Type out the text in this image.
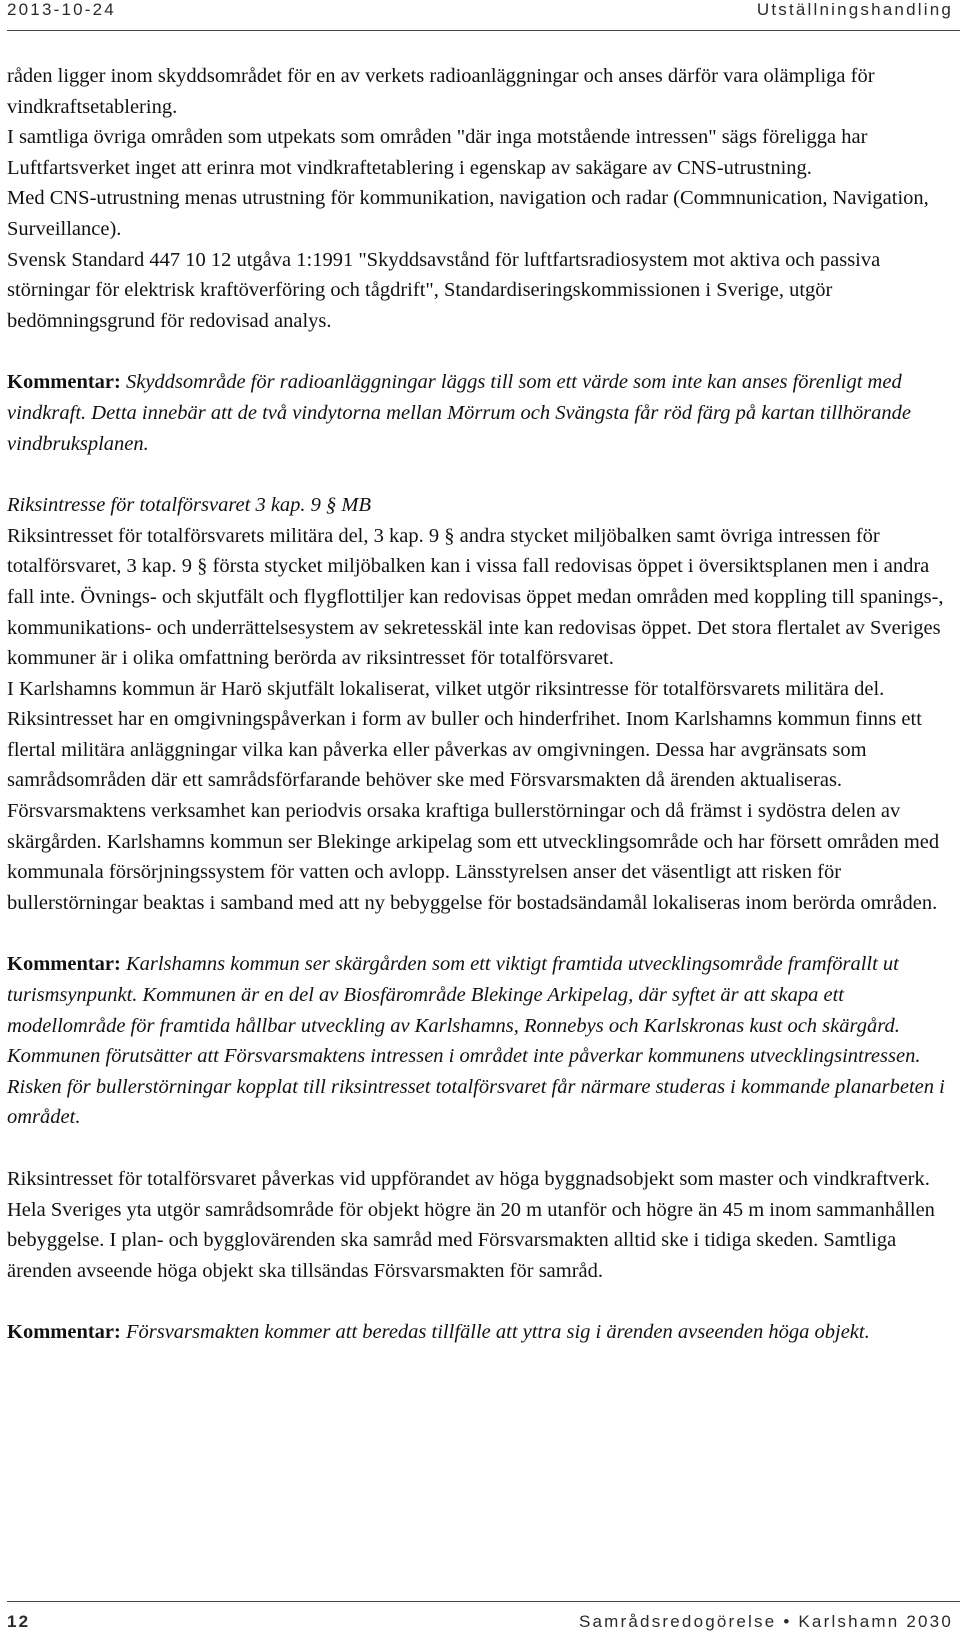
2013-10-24	Utställningshandling

råden ligger inom skyddsområdet för en av verkets radioanläggningar och anses därför vara olämpliga för vindkraftsetablering.

I samtliga övriga områden som utpekats som områden "där inga motstående intressen" sägs föreligga har Luftfartsverket inget att erinra mot vindkraftetablering i egenskap av sakägare av CNS-utrustning.

Med CNS-utrustning menas utrustning för kommunikation, navigation och radar (Commnunication, Navigation, Surveillance).

Svensk Standard 447 10 12 utgåva 1:1991 "Skyddsavstånd för luftfartsradiosystem mot aktiva och passiva störningar för elektrisk kraftöverföring och tågdrift", Standardiseringskommissionen i Sverige, utgör bedömningsgrund för redovisad analys.

Kommentar: Skyddsområde för radioanläggningar läggs till som ett värde som inte kan anses förenligt med vindkraft. Detta innebär att de två vindytorna mellan Mörrum och Svängsta får röd färg på kartan tillhörande vindbruksplanen.

Riksintresse för totalförsvaret 3 kap. 9 § MB

Riksintresset för totalförsvarets militära del, 3 kap. 9 § andra stycket miljöbalken samt övriga intressen för totalförsvaret, 3 kap. 9 § första stycket miljöbalken kan i vissa fall redovisas öppet i översiktsplanen men i andra fall inte. Övnings- och skjutfält och flygflottiljer kan redovisas öppet medan områden med koppling till spanings-, kommunikations- och underrättelsesystem av sekretesskäl inte kan redovisas öppet. Det stora flertalet av Sveriges kommuner är i olika omfattning berörda av riksintresset för totalförsvaret.

I Karlshamns kommun är Harö skjutfält lokaliserat, vilket utgör riksintresse för totalförsvarets militära del. Riksintresset har en omgivningspåverkan i form av buller och hinderfrihet. Inom Karlshamns kommun finns ett flertal militära anläggningar vilka kan påverka eller påverkas av omgivningen. Dessa har avgränsats som samrådsområden där ett samrådsförfarande behöver ske med Försvarsmakten då ärenden aktualiseras. Försvarsmaktens verksamhet kan periodvis orsaka kraftiga bullerstörningar och då främst i sydöstra delen av skärgården. Karlshamns kommun ser Blekinge arkipelag som ett utvecklingsområde och har försett områden med kommunala försörjningssystem för vatten och avlopp. Länsstyrelsen anser det väsentligt att risken för bullerstörningar beaktas i samband med att ny bebyggelse för bostadsändamål lokaliseras inom berörda områden.

Kommentar: Karlshamns kommun ser skärgården som ett viktigt framtida utvecklingsområde framförallt ut turismsynpunkt. Kommunen är en del av Biosfärområde Blekinge Arkipelag, där syftet är att skapa ett modellområde för framtida hållbar utveckling av Karlshamns, Ronnebys och Karlskronas kust och skärgård. Kommunen förutsätter att Försvarsmaktens intressen i området inte påverkar kommunens utvecklingsintressen. Risken för bullerstörningar kopplat till riksintresset totalförsvaret får närmare studeras i kommande planarbeten i området.

Riksintresset för totalförsvaret påverkas vid uppförandet av höga byggnadsobjekt som master och vindkraftverk. Hela Sveriges yta utgör samrådsområde för objekt högre än 20 m utanför och högre än 45 m inom sammanhållen bebyggelse. I plan- och bygglovärenden ska samråd med Försvarsmakten alltid ske i tidiga skeden. Samtliga ärenden avseende höga objekt ska tillsändas Försvarsmakten för samråd.

Kommentar: Försvarsmakten kommer att beredas tillfälle att yttra sig i ärenden avseenden höga objekt.

12	Samrådsredogörelse • Karlshamn 2030
